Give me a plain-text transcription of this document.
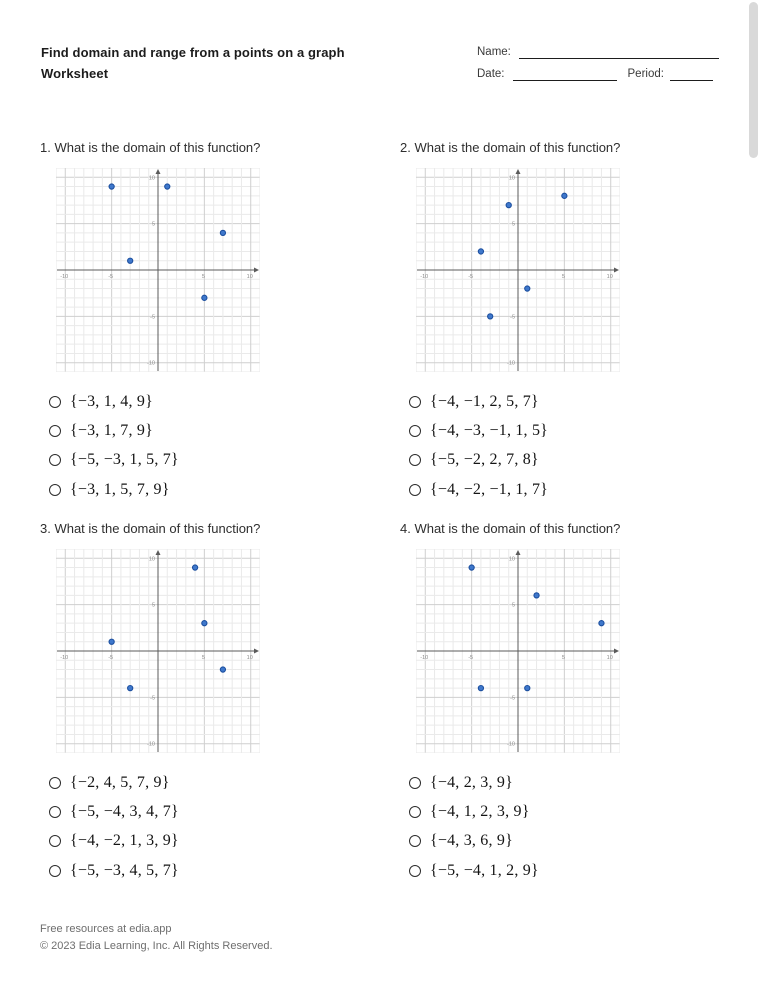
Find domain and range from a points on a graph
Worksheet
Name:
Date:	Period:
1. What is the domain of this function?
-10	-5	5	10
10
5
-5
-10
{−3, 1, 4, 9}
{−3, 1, 7, 9}
{−5, −3, 1, 5, 7}
{−3, 1, 5, 7, 9}
2. What is the domain of this function?
-10	-5	5	10
10
5
-5
-10
{−4, −1, 2, 5, 7}
{−4, −3, −1, 1, 5}
{−5, −2, 2, 7, 8}
{−4, −2, −1, 1, 7}
3. What is the domain of this function?
-10	-5	5	10
10
5
-5
-10
{−2, 4, 5, 7, 9}
{−5, −4, 3, 4, 7}
{−4, −2, 1, 3, 9}
{−5, −3, 4, 5, 7}
4. What is the domain of this function?
-10	-5	5	10
10
5
-5
-10
{−4, 2, 3, 9}
{−4, 1, 2, 3, 9}
{−4, 3, 6, 9}
{−5, −4, 1, 2, 9}
Free resources at edia.app
© 2023 Edia Learning, Inc. All Rights Reserved.
